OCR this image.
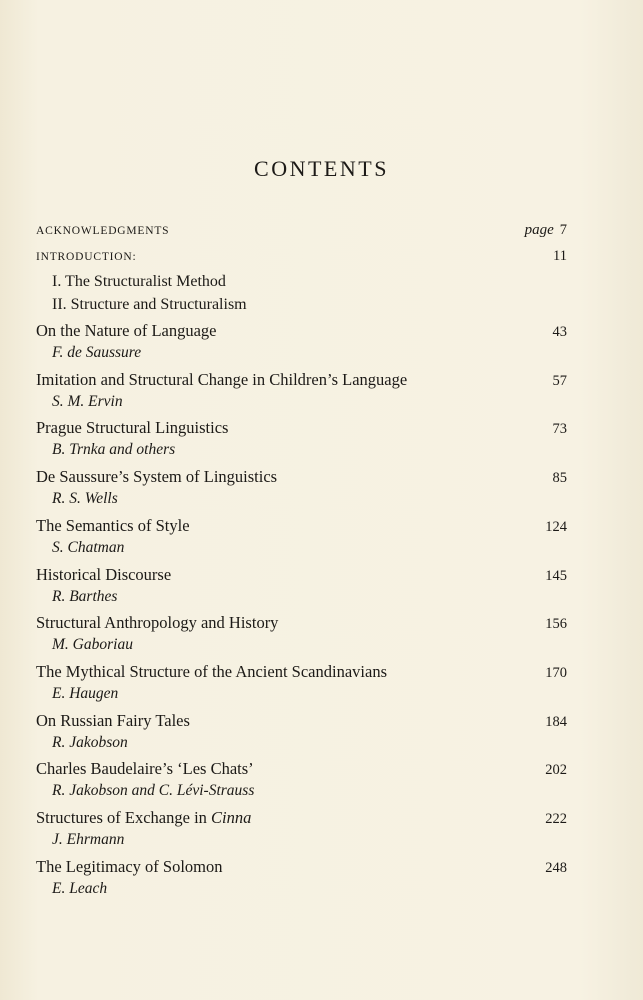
CONTENTS
ACKNOWLEDGMENTS	page 7
INTRODUCTION:	11
I. The Structuralist Method
II. Structure and Structuralism
On the Nature of Language	43
F. de Saussure
Imitation and Structural Change in Children’s Language	57
S. M. Ervin
Prague Structural Linguistics	73
B. Trnka and others
De Saussure’s System of Linguistics	85
R. S. Wells
The Semantics of Style	124
S. Chatman
Historical Discourse	145
R. Barthes
Structural Anthropology and History	156
M. Gaboriau
The Mythical Structure of the Ancient Scandinavians	170
E. Haugen
On Russian Fairy Tales	184
R. Jakobson
Charles Baudelaire’s ‘Les Chats’	202
R. Jakobson and C. Lévi-Strauss
Structures of Exchange in Cinna	222
J. Ehrmann
The Legitimacy of Solomon	248
E. Leach
